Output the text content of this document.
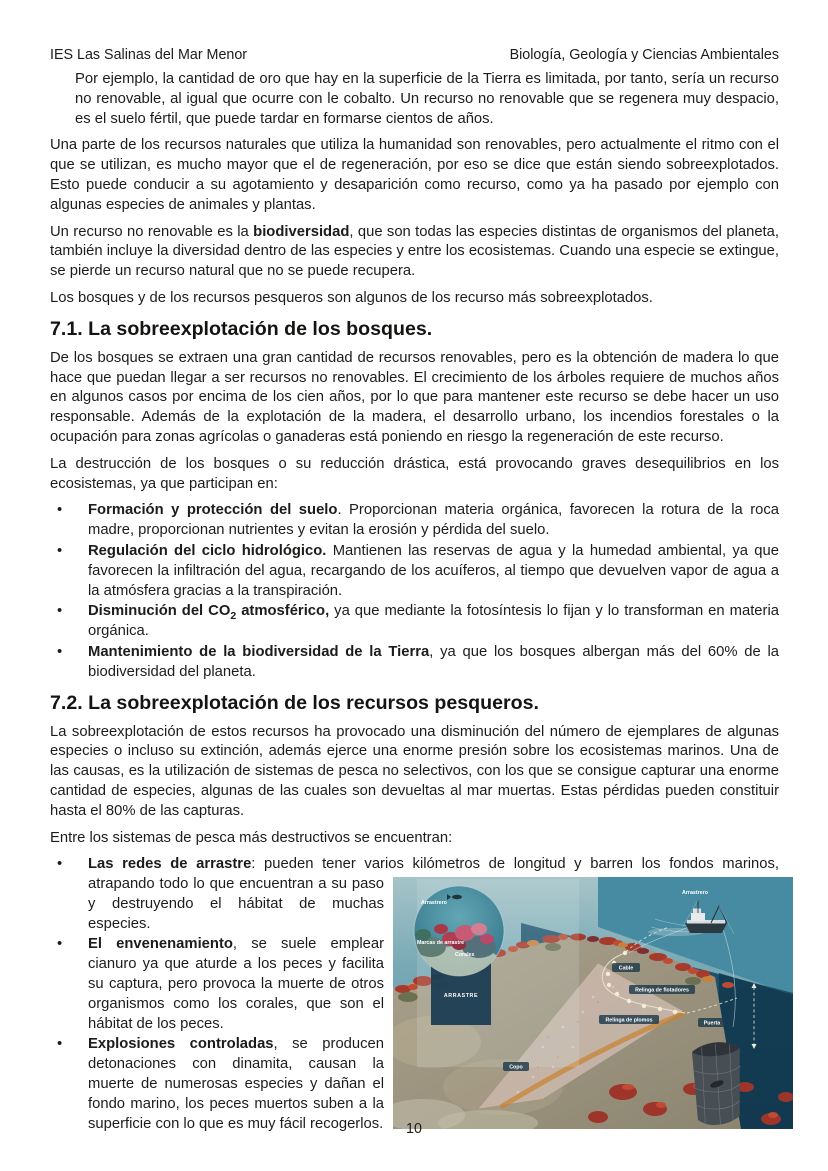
IES Las Salinas del Mar Menor	Biología, Geología y Ciencias Ambientales

Por ejemplo, la cantidad de oro que hay en la superficie de la Tierra es limitada, por tanto, sería un recurso no renovable, al igual que ocurre con le cobalto. Un recurso no renovable que se regenera muy despacio, es el suelo fértil, que puede tardar en formarse cientos de años.

Una parte de los recursos naturales que utiliza la humanidad son renovables, pero actualmente el ritmo con el que se utilizan, es mucho mayor que el de regeneración, por eso se dice que están siendo sobreexplotados. Esto puede conducir a su agotamiento y desaparición como recurso, como ya ha pasado por ejemplo con algunas especies de animales y plantas.

Un recurso no renovable es la biodiversidad, que son todas las especies distintas de organismos del planeta, también incluye la diversidad dentro de las especies y entre los ecosistemas. Cuando una especie se extingue, se pierde un recurso natural que no se puede recupera.

Los bosques y de los recursos pesqueros son algunos de los recurso más sobreexplotados.

7.1. La sobreexplotación de los bosques.

De los bosques se extraen una gran cantidad de recursos renovables, pero es la obtención de madera lo que hace que puedan llegar a ser recursos no renovables. El crecimiento de los árboles requiere de muchos años en algunos casos por encima de los cien años, por lo que para mantener este recurso se debe hacer un uso responsable. Además de la explotación de la madera, el desarrollo urbano, los incendios forestales o la ocupación para zonas agrícolas o ganaderas está poniendo en riesgo la regeneración de este recurso.

La destrucción de los bosques o su reducción drástica, está provocando graves desequilibrios en los ecosistemas, ya que participan en:

• Formación y protección del suelo. Proporcionan materia orgánica, favorecen la rotura de la roca madre, proporcionan nutrientes y evitan la erosión y pérdida del suelo.
• Regulación del ciclo hidrológico. Mantienen las reservas de agua y la humedad ambiental, ya que favorecen la infiltración del agua, recargando de los acuíferos, al tiempo que devuelven vapor de agua a la atmósfera gracias a la transpiración.
• Disminución del $CO_2$ atmosférico, ya que mediante la fotosíntesis lo fijan y lo transforman en materia orgánica.
• Mantenimiento de la biodiversidad de la Tierra, ya que los bosques albergan más del 60% de la biodiversidad del planeta.
7.2. La sobreexplotación de los recursos pesqueros.

La sobreexplotación de estos recursos ha provocado una disminución del número de ejemplares de algunas especies o incluso su extinción, además ejerce una enorme presión sobre los ecosistemas marinos. Una de las causas, es la utilización de sistemas de pesca no selectivos, con los que se consigue capturar una enorme cantidad de especies, algunas de las cuales son devueltas al mar muertas. Estas pérdidas pueden constituir hasta el 80% de las capturas.

Entre los sistemas de pesca más destructivos se encuentran:

Arrastrero
ARRASTRE
Arrastrero
Marcas de arrastre
Corales
Cable
Relinga de flotadores
Relinga de plomos	Puerta
Copo
• Las redes de arrastre: pueden tener varios kilómetros de longitud y barren los fondos marinos, atrapando todo lo que encuentran a su paso y destruyendo el hábitat de muchas especies.
• El envenenamiento, se suele emplear cianuro ya que aturde a los peces y facilita su captura, pero provoca la muerte de otros organismos como los corales, que son el hábitat de los peces.
• Explosiones controladas, se producen detonaciones con dinamita, causan la muerte de numerosas especies y dañan el fondo marino, los peces muertos suben a la superficie con lo que es muy fácil recogerlos.	10
